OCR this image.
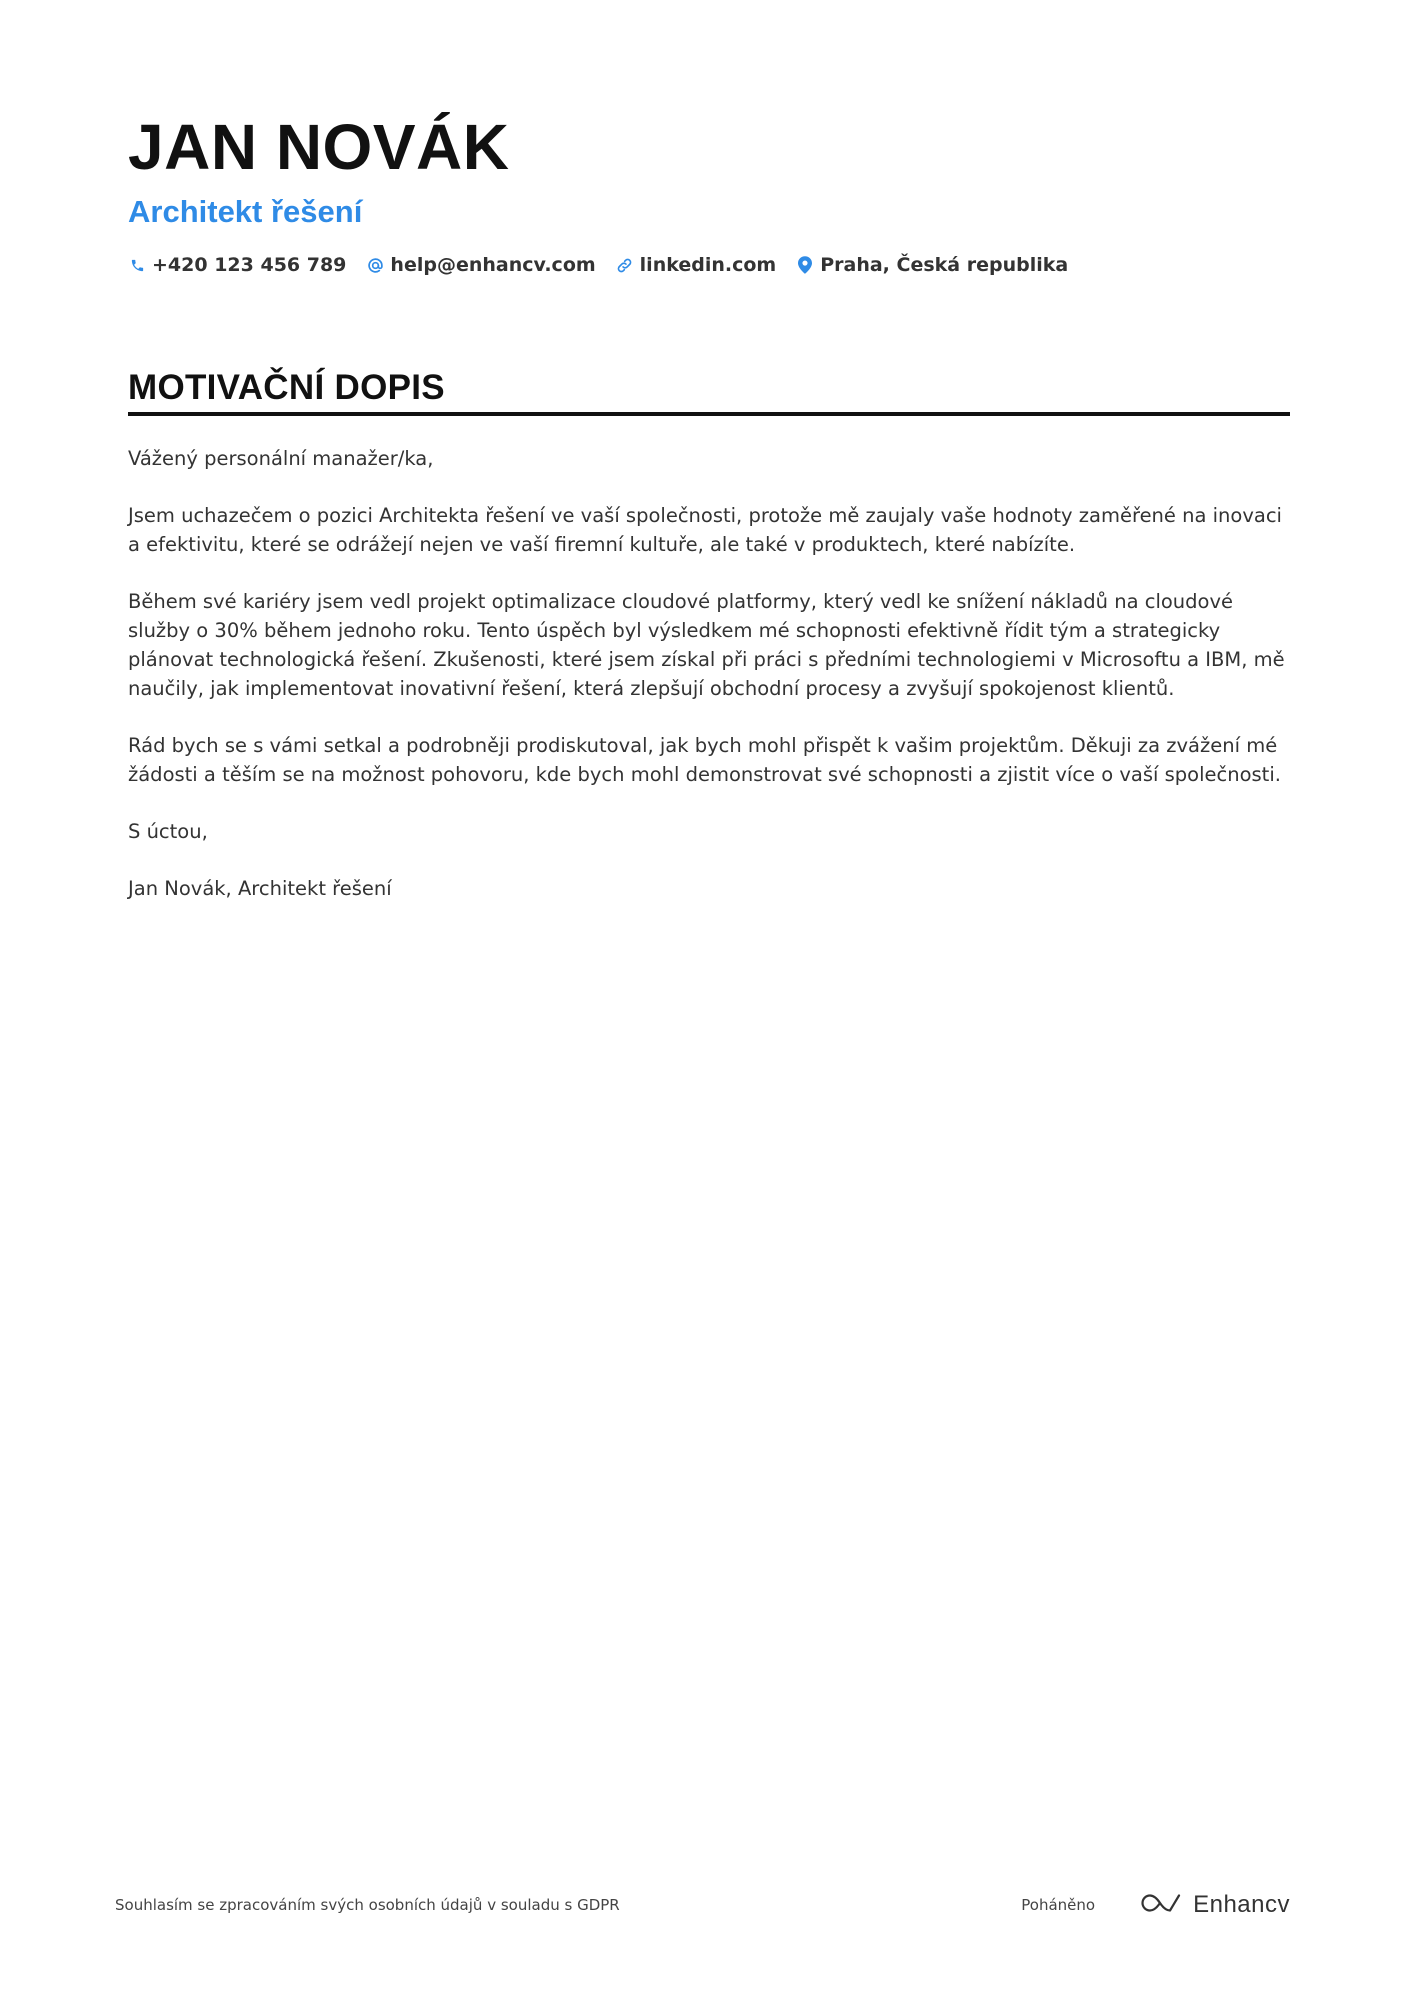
JAN NOVÁK
Architekt řešení
+420 123 456 789 help@enhancv.com linkedin.com Praha, Česká republika
MOTIVAČNÍ DOPIS

Vážený personální manažer/ka,

Jsem uchazečem o pozici Architekta řešení ve vaší společnosti, protože mě zaujaly vaše hodnoty zaměřené na inovaci a efektivitu, které se odrážejí nejen ve vaší firemní kultuře, ale také v produktech, které nabízíte.

Během své kariéry jsem vedl projekt optimalizace cloudové platformy, který vedl ke snížení nákladů na cloudové služby o 30% během jednoho roku. Tento úspěch byl výsledkem mé schopnosti efektivně řídit tým a strategicky plánovat technologická řešení. Zkušenosti, které jsem získal při práci s předními technologiemi v Microsoftu a IBM, mě naučily, jak implementovat inovativní řešení, která zlepšují obchodní procesy a zvyšují spokojenost klientů.

Rád bych se s vámi setkal a podrobněji prodiskutoval, jak bych mohl přispět k vašim projektům. Děkuji za zvážení mé žádosti a těším se na možnost pohovoru, kde bych mohl demonstrovat své schopnosti a zjistit více o vaší společnosti.

S úctou,

Jan Novák, Architekt řešení

Souhlasím se zpracováním svých osobních údajů v souladu s GDPR	Poháněno	Enhancv
